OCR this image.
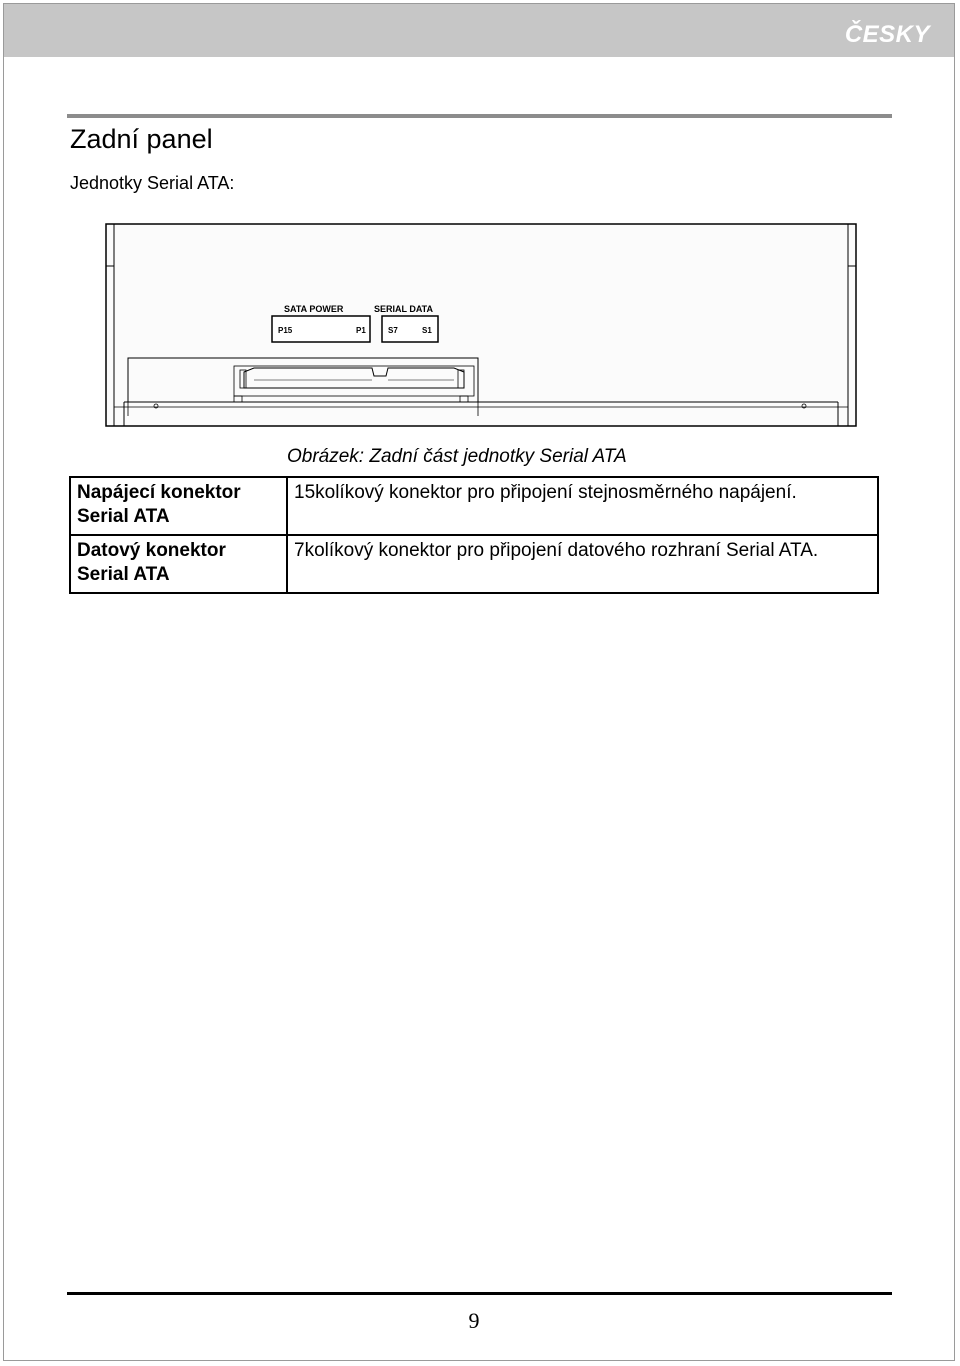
ČESKY
Zadní panel
Jednotky Serial ATA:
SATA POWER	SERIAL DATA
P15	P1	S7	S1
Obrázek: Zadní část jednotky Serial ATA
Napájecí konektor Serial ATA	15kolíkový konektor pro připojení stejnosměrného napájení.
Datový konektor Serial ATA	7kolíkový konektor pro připojení datového rozhraní Serial ATA.
9
